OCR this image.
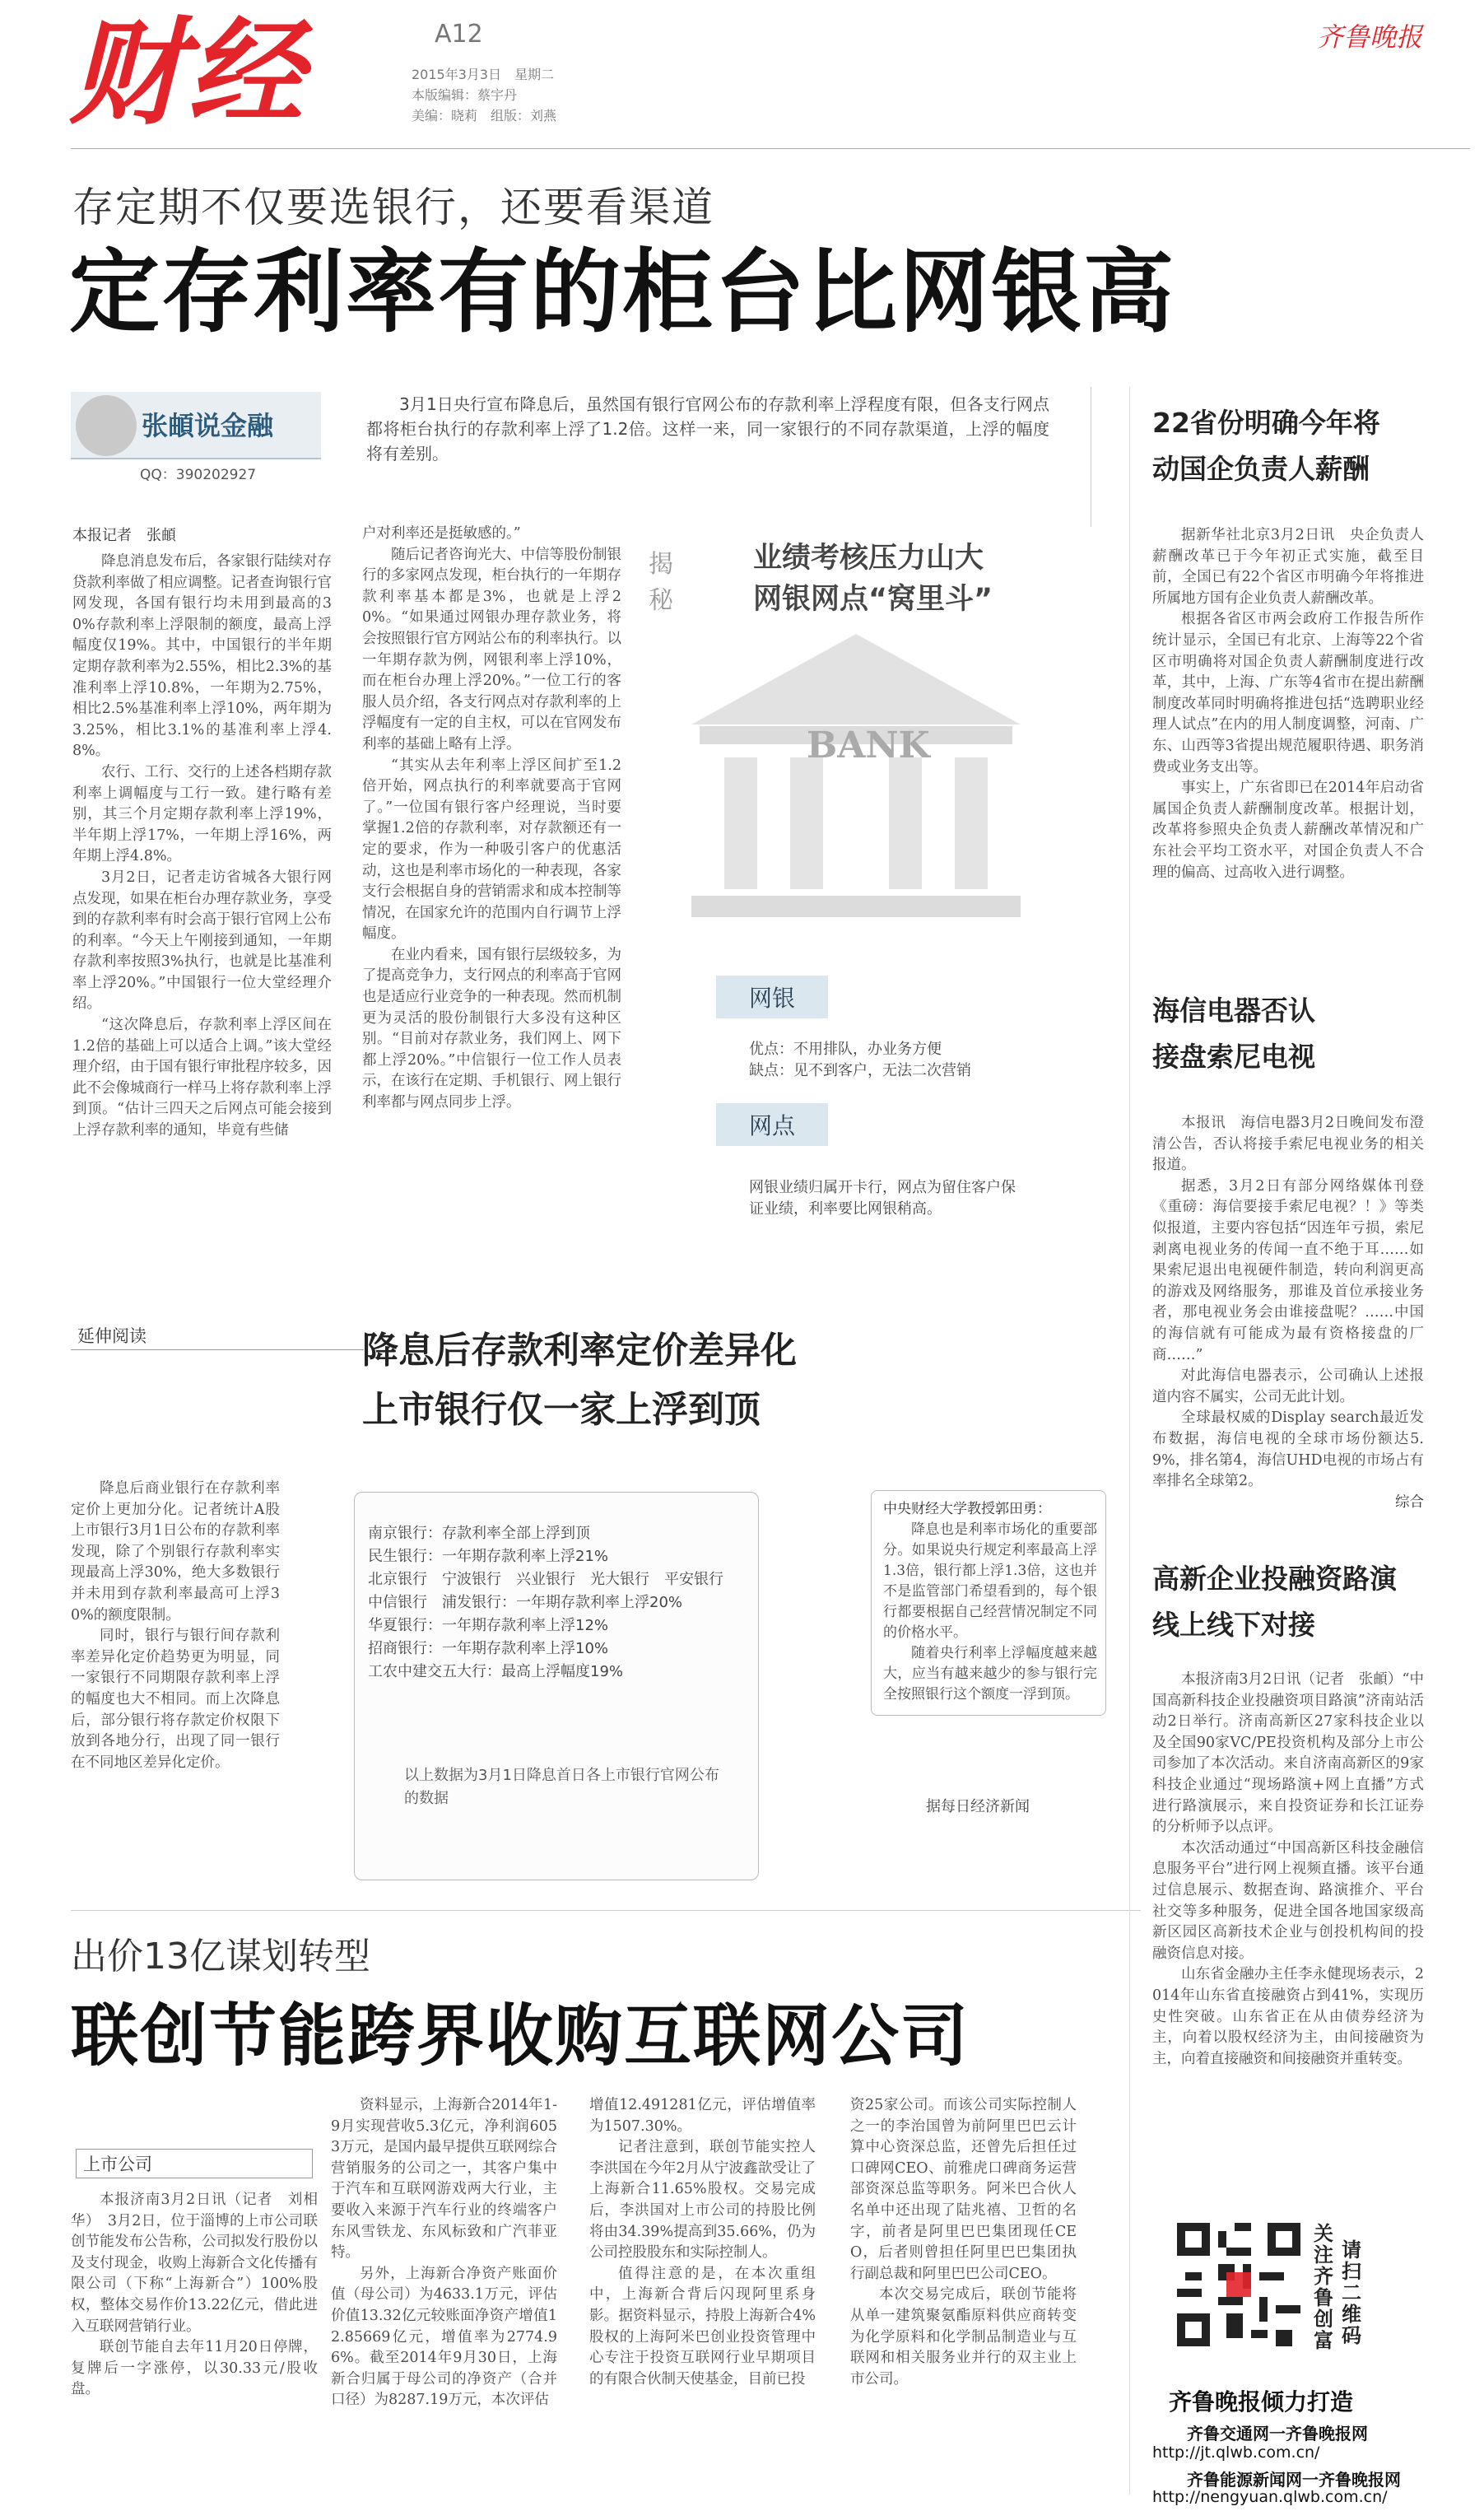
财经	A12
2015年3月3日　星期二
本版编辑：蔡宇丹
美编：晓莉　组版：刘燕
齐鲁晚报
存定期不仅要选银行，还要看渠道
定存利率有的柜台比网银高
张頔说金融
QQ：390202927

3月1日央行宣布降息后，虽然国有银行官网公布的存款利率上浮程度有限，但各支行网点都将柜台执行的存款利率上浮了1.2倍。这样一来，同一家银行的不同存款渠道，上浮的幅度将有差别。

本报记者　张頔

降息消息发布后，各家银行陆续对存贷款利率做了相应调整。记者查询银行官网发现，各国有银行均未用到最高的30%存款利率上浮限制的额度，最高上浮幅度仅19%。其中，中国银行的半年期定期存款利率为2.55%，相比2.3%的基准利率上浮10.8%，一年期为2.75%，相比2.5%基准利率上浮10%，两年期为3.25%，相比3.1%的基准利率上浮4.8%。

农行、工行、交行的上述各档期存款利率上调幅度与工行一致。建行略有差别，其三个月定期存款利率上浮19%，半年期上浮17%，一年期上浮16%，两年期上浮4.8%。

3月2日，记者走访省城各大银行网点发现，如果在柜台办理存款业务，享受到的存款利率有时会高于银行官网上公布的利率。“今天上午刚接到通知，一年期存款利率按照3%执行，也就是比基准利率上浮20%。”中国银行一位大堂经理介绍。

“这次降息后，存款利率上浮区间在1.2倍的基础上可以适合上调。”该大堂经理介绍，由于国有银行审批程序较多，因此不会像城商行一样马上将存款利率上浮到顶。“估计三四天之后网点可能会接到上浮存款利率的通知，毕竟有些储

户对利率还是挺敏感的。”

随后记者咨询光大、中信等股份制银行的多家网点发现，柜台执行的一年期存款利率基本都是3%，也就是上浮20%。“如果通过网银办理存款业务，将会按照银行官方网站公布的利率执行。以一年期存款为例，网银利率上浮10%，而在柜台办理上浮20%。”一位工行的客服人员介绍，各支行网点对存款利率的上浮幅度有一定的自主权，可以在官网发布利率的基础上略有上浮。

“其实从去年利率上浮区间扩至1.2倍开始，网点执行的利率就要高于官网了。”一位国有银行客户经理说，当时要掌握1.2倍的存款利率，对存款额还有一定的要求，作为一种吸引客户的优惠活动，这也是利率市场化的一种表现，各家支行会根据自身的营销需求和成本控制等情况，在国家允许的范围内自行调节上浮幅度。

在业内看来，国有银行层级较多，为了提高竞争力，支行网点的利率高于官网也是适应行业竞争的一种表现。然而机制更为灵活的股份制银行大多没有这种区别。“目前对存款业务，我们网上、网下都上浮20%。”中信银行一位工作人员表示，在该行在定期、手机银行、网上银行利率都与网点同步上浮。

揭秘
业绩考核压力山大
网银网点“窝里斗”
BANK
网银
优点：不用排队，办业务方便
缺点：见不到客户，无法二次营销
网点
网银业绩归属开卡行，网点为留住客户保证业绩，利率要比网银稍高。
延伸阅读	降息后存款利率定价差异化
上市银行仅一家上浮到顶

降息后商业银行在存款利率定价上更加分化。记者统计A股上市银行3月1日公布的存款利率发现，除了个别银行存款利率实现最高上浮30%，绝大多数银行并未用到存款利率最高可上浮30%的额度限制。

同时，银行与银行间存款利率差异化定价趋势更为明显，同一家银行不同期限存款利率上浮的幅度也大不相同。而上次降息后，部分银行将存款定价权限下放到各地分行，出现了同一银行在不同地区差异化定价。

南京银行：存款利率全部上浮到顶
民生银行：一年期存款利率上浮21%
北京银行　宁波银行　兴业银行　光大银行　平安银行　中信银行　浦发银行：一年期存款利率上浮20%
华夏银行：一年期存款利率上浮12%
招商银行：一年期存款利率上浮10%
工农中建交五大行：最高上浮幅度19%
以上数据为3月1日降息首日各上市银行官网公布的数据
中央财经大学教授郭田勇：

降息也是利率市场化的重要部分。如果说央行规定利率最高上浮1.3倍，银行都上浮1.3倍，这也并不是监管部门希望看到的，每个银行都要根据自己经营情况制定不同的价格水平。

随着央行利率上浮幅度越来越大，应当有越来越少的参与银行完全按照银行这个额度一浮到顶。

据每日经济新闻
出价13亿谋划转型
联创节能跨界收购互联网公司
上市公司

本报济南3月2日讯（记者　刘相华）　3月2日，位于淄博的上市公司联创节能发布公告称，公司拟发行股份以及支付现金，收购上海新合文化传播有限公司（下称“上海新合”）100%股权，整体交易作价13.22亿元，借此进入互联网营销行业。

联创节能自去年11月20日停牌，复牌后一字涨停，以30.33元/股收盘。

资料显示，上海新合2014年1-9月实现营收5.3亿元，净利润6053万元，是国内最早提供互联网综合营销服务的公司之一，其客户集中于汽车和互联网游戏两大行业，主要收入来源于汽车行业的终端客户东风雪铁龙、东风标致和广汽菲亚特。

另外，上海新合净资产账面价值（母公司）为4633.1万元，评估价值13.32亿元较账面净资产增值12.85669亿元，增值率为2774.96%。截至2014年9月30日，上海新合归属于母公司的净资产（合并口径）为8287.19万元，本次评估

增值12.491281亿元，评估增值率为1507.30%。

记者注意到，联创节能实控人李洪国在今年2月从宁波鑫歆受让了上海新合11.65%股权。交易完成后，李洪国对上市公司的持股比例将由34.39%提高到35.66%，仍为公司控股股东和实际控制人。

值得注意的是，在本次重组中，上海新合背后闪现阿里系身影。据资料显示，持股上海新合4%股权的上海阿米巴创业投资管理中心专注于投资互联网行业早期项目的有限合伙制天使基金，目前已投

资25家公司。而该公司实际控制人之一的李治国曾为前阿里巴巴云计算中心资深总监，还曾先后担任过口碑网CEO、前雅虎口碑商务运营部资深总监等职务。阿米巴合伙人名单中还出现了陆兆禧、卫哲的名字，前者是阿里巴巴集团现任CEO，后者则曾担任阿里巴巴集团执行副总裁和阿里巴巴公司CEO。

本次交易完成后，联创节能将从单一建筑聚氨酯原料供应商转变为化学原料和化学制品制造业与互联网和相关服务业并行的双主业上市公司。

22省份明确今年将
动国企负责人薪酬

据新华社北京3月2日讯　央企负责人薪酬改革已于今年初正式实施，截至目前，全国已有22个省区市明确今年将推进所属地方国有企业负责人薪酬改革。

根据各省区市两会政府工作报告所作统计显示，全国已有北京、上海等22个省区市明确将对国企负责人薪酬制度进行改革，其中，上海、广东等4省市在提出薪酬制度改革同时明确将推进包括“选聘职业经理人试点”在内的用人制度调整，河南、广东、山西等3省提出规范履职待遇、职务消费或业务支出等。

事实上，广东省即已在2014年启动省属国企负责人薪酬制度改革。根据计划，改革将参照央企负责人薪酬改革情况和广东社会平均工资水平，对国企负责人不合理的偏高、过高收入进行调整。

海信电器否认
接盘索尼电视

本报讯　海信电器3月2日晚间发布澄清公告，否认将接手索尼电视业务的相关报道。

据悉，3月2日有部分网络媒体刊登《重磅：海信要接手索尼电视？！》等类似报道，主要内容包括“因连年亏损，索尼剥离电视业务的传闻一直不绝于耳……如果索尼退出电视硬件制造，转向利润更高的游戏及网络服务，那谁及首位承接业务者，那电视业务会由谁接盘呢？……中国的海信就有可能成为最有资格接盘的厂商……”

对此海信电器表示，公司确认上述报道内容不属实，公司无此计划。

全球最权威的Display search最近发布数据，海信电视的全球市场份额达5.9%，排名第4，海信UHD电视的市场占有率排名全球第2。

综合
高新企业投融资路演
线上线下对接

本报济南3月2日讯（记者　张頔）“中国高新科技企业投融资项目路演”济南站活动2日举行。济南高新区27家科技企业以及全国90家VC/PE投资机构及部分上市公司参加了本次活动。来自济南高新区的9家科技企业通过“现场路演+网上直播”方式进行路演展示，来自投资证券和长江证券的分析师予以点评。

本次活动通过“中国高新区科技金融信息服务平台”进行网上视频直播。该平台通过信息展示、数据查询、路演推介、平台社交等多种服务，促进全国各地国家级高新区园区高新技术企业与创投机构间的投融资信息对接。

山东省金融办主任李永健现场表示，2014年山东省直接融资占到41%，实现历史性突破。山东省正在从由债券经济为主，向着以股权经济为主，由间接融资为主，向着直接融资和间接融资并重转变。

关注齐鲁创富
请扫二维码
齐鲁晚报倾力打造
齐鲁交通网一齐鲁晚报网
http://jt.qlwb.com.cn/
齐鲁能源新闻网一齐鲁晚报网
http://nengyuan.qlwb.com.cn/
